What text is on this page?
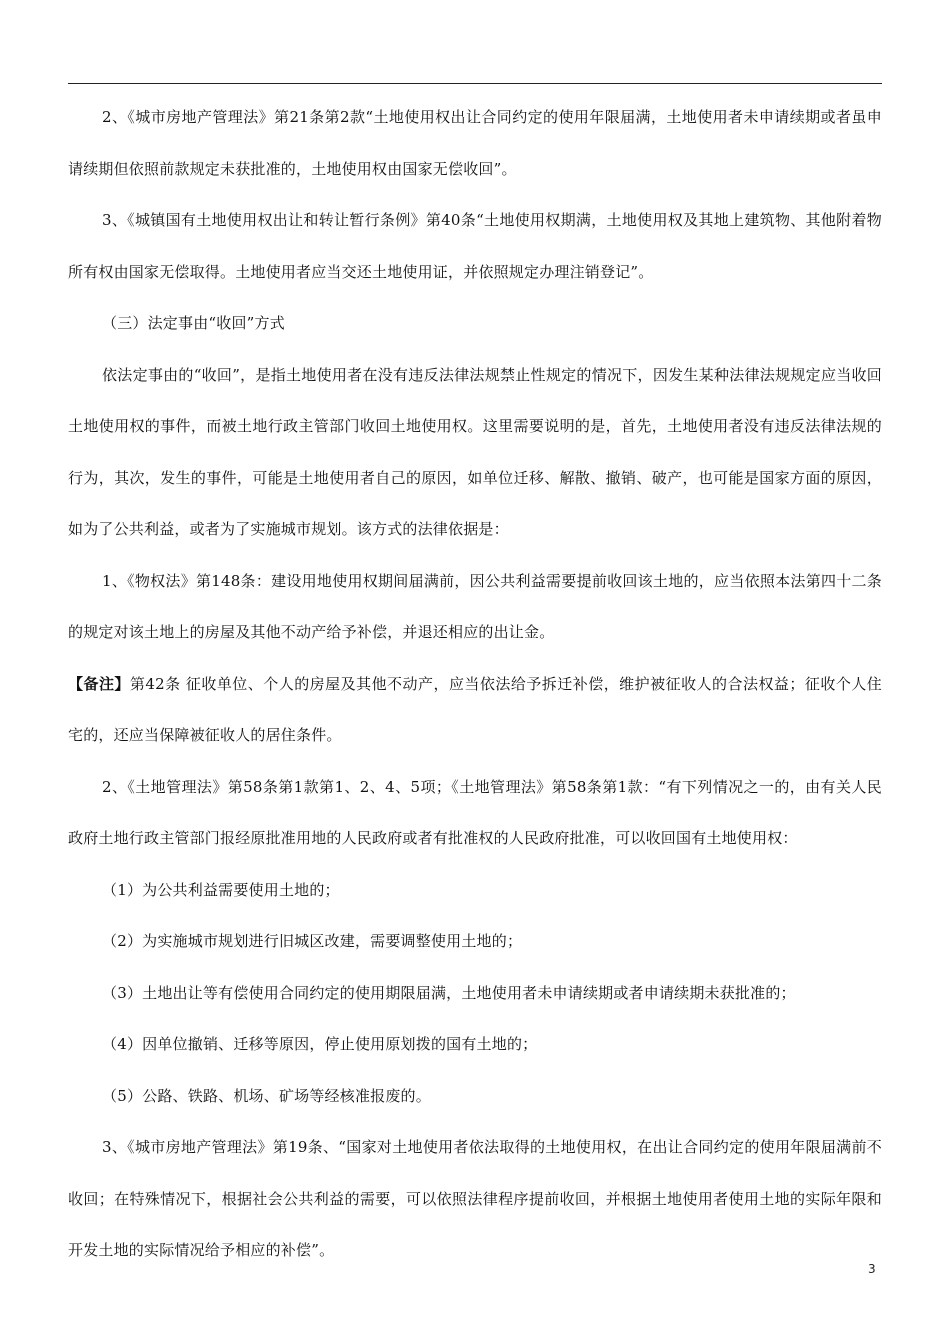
2、《城市房地产管理法》第21条第2款“土地使用权出让合同约定的使用年限届满，土地使用者未申请续期或者虽申请续期但依照前款规定未获批准的，土地使用权由国家无偿收回”。

3、《城镇国有土地使用权出让和转让暂行条例》第40条“土地使用权期满，土地使用权及其地上建筑物、其他附着物所有权由国家无偿取得。土地使用者应当交还土地使用证，并依照规定办理注销登记”。

（三）法定事由“收回”方式

依法定事由的“收回”，是指土地使用者在没有违反法律法规禁止性规定的情况下，因发生某种法律法规规定应当收回土地使用权的事件，而被土地行政主管部门收回土地使用权。这里需要说明的是，首先，土地使用者没有违反法律法规的行为，其次，发生的事件，可能是土地使用者自己的原因，如单位迁移、解散、撤销、破产，也可能是国家方面的原因，如为了公共利益，或者为了实施城市规划。该方式的法律依据是：

1、《物权法》第148条：建设用地使用权期间届满前，因公共利益需要提前收回该土地的，应当依照本法第四十二条的规定对该土地上的房屋及其他不动产给予补偿，并退还相应的出让金。

【备注】第42条 征收单位、个人的房屋及其他不动产，应当依法给予拆迁补偿，维护被征收人的合法权益；征收个人住宅的，还应当保障被征收人的居住条件。

2、《土地管理法》第58条第1款第1、2、4、5项；《土地管理法》第58条第1款：“有下列情况之一的，由有关人民政府土地行政主管部门报经原批准用地的人民政府或者有批准权的人民政府批准，可以收回国有土地使用权：

（1）为公共利益需要使用土地的；

（2）为实施城市规划进行旧城区改建，需要调整使用土地的；

（3）土地出让等有偿使用合同约定的使用期限届满，土地使用者未申请续期或者申请续期未获批准的；

（4）因单位撤销、迁移等原因，停止使用原划拨的国有土地的；

（5）公路、铁路、机场、矿场等经核准报废的。

3、《城市房地产管理法》第19条、“国家对土地使用者依法取得的土地使用权，在出让合同约定的使用年限届满前不收回；在特殊情况下，根据社会公共利益的需要，可以依照法律程序提前收回，并根据土地使用者使用土地的实际年限和开发土地的实际情况给予相应的补偿”。

3
